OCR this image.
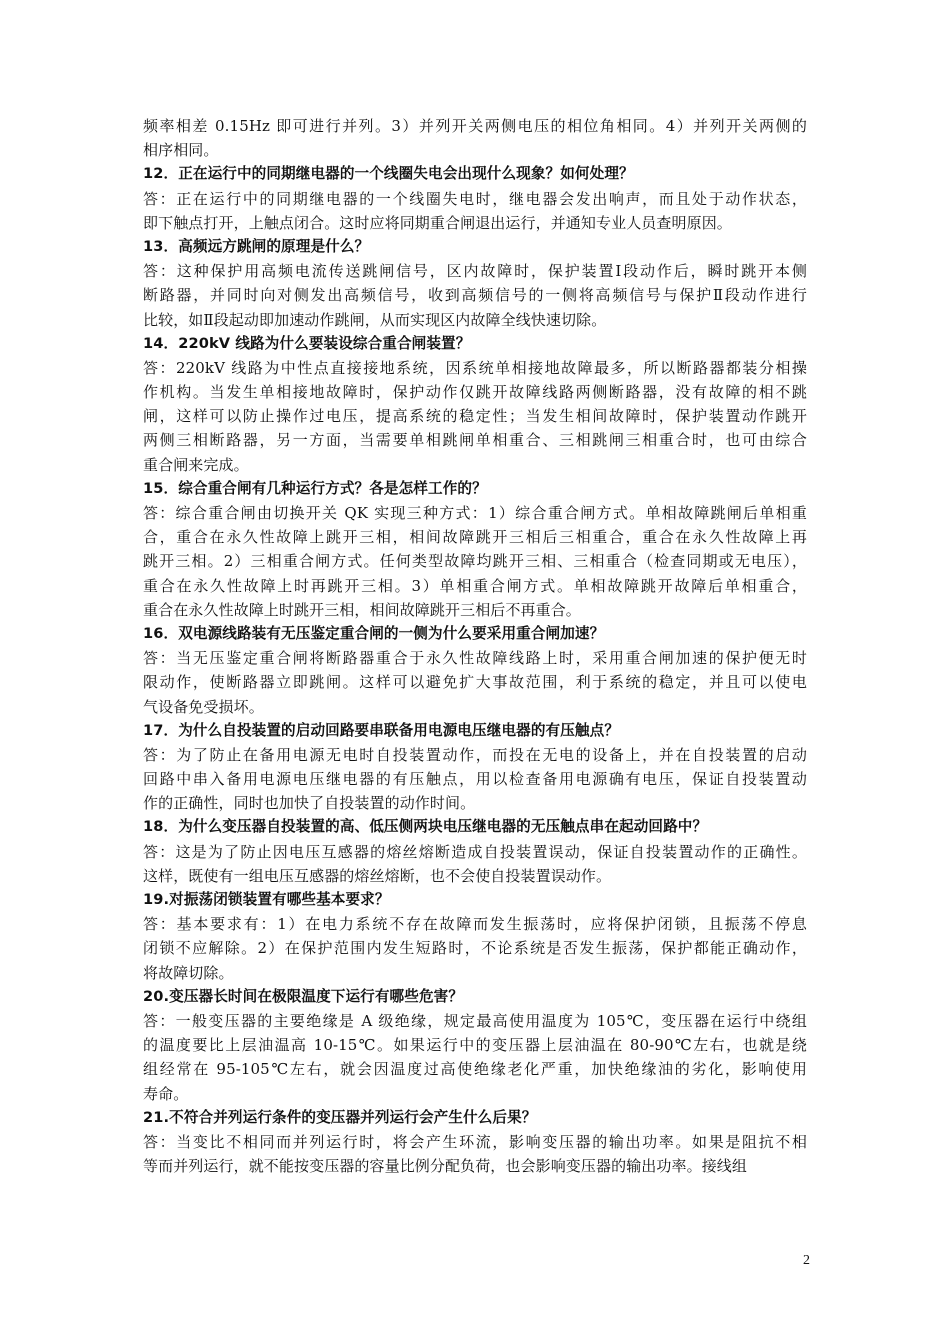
频率相差 0.15Hz 即可进行并列。3）并列开关两侧电压的相位角相同。4）并列开关两侧的
相序相同。
12．正在运行中的同期继电器的一个线圈失电会出现什么现象？如何处理？
答：正在运行中的同期继电器的一个线圈失电时，继电器会发出响声，而且处于动作状态，
即下触点打开，上触点闭合。这时应将同期重合闸退出运行，并通知专业人员查明原因。
13．高频远方跳闸的原理是什么？
答：这种保护用高频电流传送跳闸信号，区内故障时，保护装置Ⅰ段动作后，瞬时跳开本侧
断路器，并同时向对侧发出高频信号，收到高频信号的一侧将高频信号与保护Ⅱ段动作进行
比较，如Ⅱ段起动即加速动作跳闸，从而实现区内故障全线快速切除。
14．220kV 线路为什么要装设综合重合闸装置？
答：220kV 线路为中性点直接接地系统，因系统单相接地故障最多，所以断路器都装分相操
作机构。当发生单相接地故障时，保护动作仅跳开故障线路两侧断路器，没有故障的相不跳
闸，这样可以防止操作过电压，提高系统的稳定性；当发生相间故障时，保护装置动作跳开
两侧三相断路器，另一方面，当需要单相跳闸单相重合、三相跳闸三相重合时，也可由综合
重合闸来完成。
15．综合重合闸有几种运行方式？各是怎样工作的？
答：综合重合闸由切换开关 QK 实现三种方式：1）综合重合闸方式。单相故障跳闸后单相重
合，重合在永久性故障上跳开三相，相间故障跳开三相后三相重合，重合在永久性故障上再
跳开三相。2）三相重合闸方式。任何类型故障均跳开三相、三相重合（检查同期或无电压），
重合在永久性故障上时再跳开三相。3）单相重合闸方式。单相故障跳开故障后单相重合，
重合在永久性故障上时跳开三相，相间故障跳开三相后不再重合。
16．双电源线路装有无压鉴定重合闸的一侧为什么要采用重合闸加速？
答：当无压鉴定重合闸将断路器重合于永久性故障线路上时，采用重合闸加速的保护便无时
限动作，使断路器立即跳闸。这样可以避免扩大事故范围，利于系统的稳定，并且可以使电
气设备免受损坏。
17．为什么自投装置的启动回路要串联备用电源电压继电器的有压触点？
答：为了防止在备用电源无电时自投装置动作，而投在无电的设备上，并在自投装置的启动
回路中串入备用电源电压继电器的有压触点，用以检查备用电源确有电压，保证自投装置动
作的正确性，同时也加快了自投装置的动作时间。
18．为什么变压器自投装置的高、低压侧两块电压继电器的无压触点串在起动回路中？
答：这是为了防止因电压互感器的熔丝熔断造成自投装置误动，保证自投装置动作的正确性。
这样，既使有一组电压互感器的熔丝熔断，也不会使自投装置误动作。
19.对振荡闭锁装置有哪些基本要求？
答：基本要求有：1）在电力系统不存在故障而发生振荡时，应将保护闭锁，且振荡不停息
闭锁不应解除。2）在保护范围内发生短路时，不论系统是否发生振荡，保护都能正确动作，
将故障切除。
20.变压器长时间在极限温度下运行有哪些危害？
答：一般变压器的主要绝缘是 A 级绝缘，规定最高使用温度为 105℃，变压器在运行中绕组
的温度要比上层油温高 10-15℃。如果运行中的变压器上层油温在 80-90℃左右，也就是绕
组经常在 95-105℃左右，就会因温度过高使绝缘老化严重，加快绝缘油的劣化，影响使用
寿命。
21.不符合并列运行条件的变压器并列运行会产生什么后果？
答：当变比不相同而并列运行时，将会产生环流，影响变压器的输出功率。如果是阻抗不相
等而并列运行，就不能按变压器的容量比例分配负荷，也会影响变压器的输出功率。接线组
2
